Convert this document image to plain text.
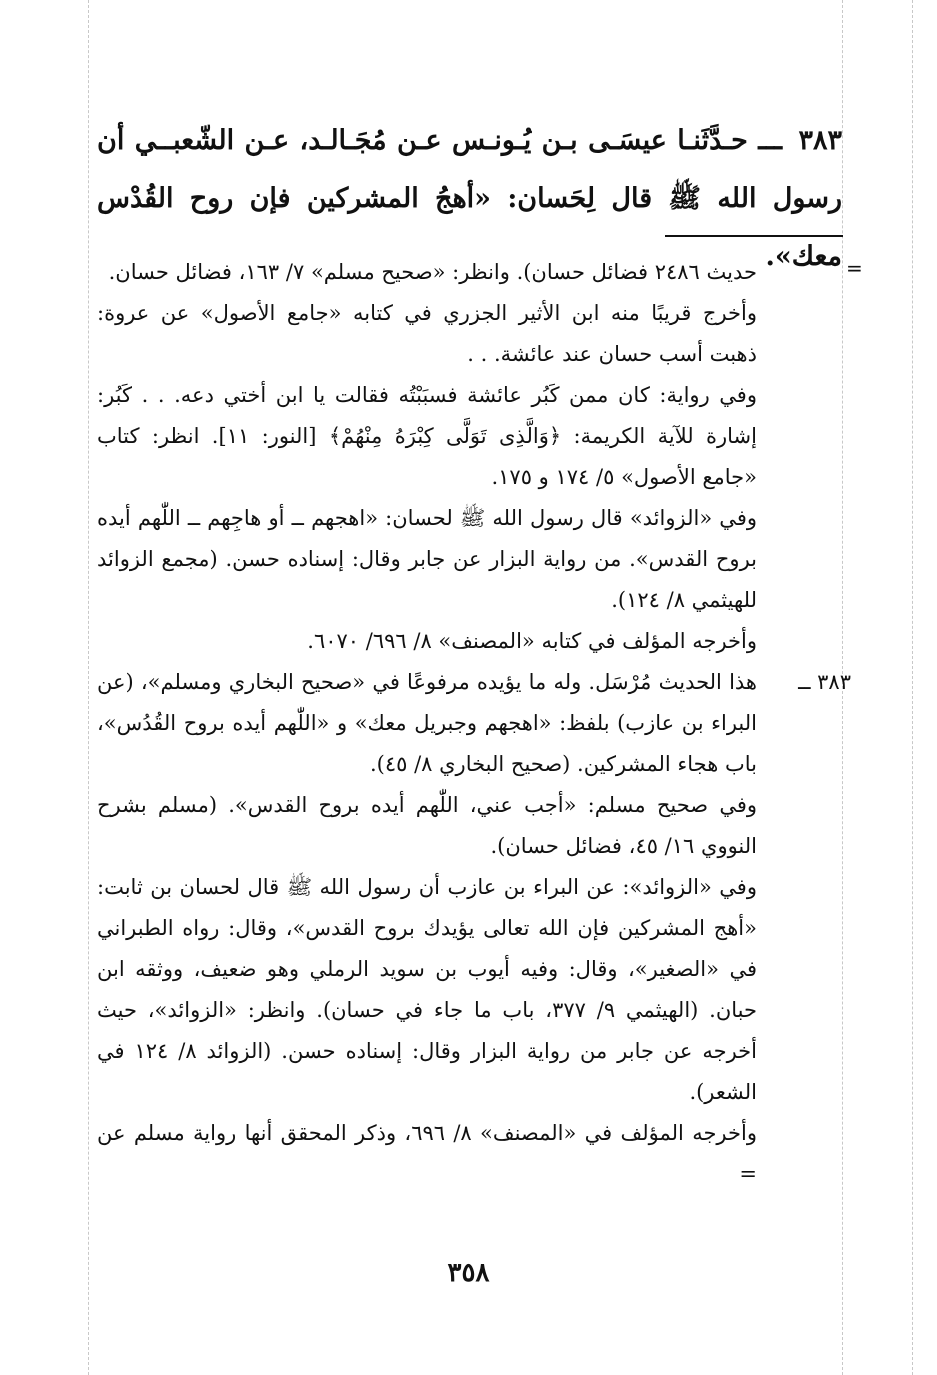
٣٨٣ ـــ حـدَّثَنـا عيسَـى بـن يُـونـس عـن مُجَـالـد، عـن الشّعبــي أن رسول الله ﷺ قال لِحَسان: «أهجُ المشركين فإن روح القُدْس معك». =

حديث ٢٤٨٦ فضائل حسان). وانظر: «صحيح مسلم» ٧/ ١٦٣، فضائل حسان.

وأخرج قريبًا منه ابن الأثير الجزري في كتابه «جامع الأصول» عن عروة: ذهبت أسب حسان عند عائشة. . .

وفي رواية: كان ممن كَبُر عائشة فسبَبْتُه فقالت يا ابن أختي دعه. . . كَبُر: إشارة للآية الكريمة: ﴿وَالَّذِى تَوَلَّى كِبْرَهُ مِنْهُمْ﴾ [النور: ١١]. انظر: كتاب «جامع الأصول» ٥/ ١٧٤ و ١٧٥.

وفي «الزوائد» قال رسول الله ﷺ لحسان: «اهجهم ــ أو هاجِهم ــ اللّٰهم أيده بروح القدس». من رواية البزار عن جابر وقال: إسناده حسن. (مجمع الزوائد للهيثمي ٨/ ١٢٤).

وأخرجه المؤلف في كتابه «المصنف» ٨/ ٦٩٦/ ٦٠٧٠.

٣٨٣ ــ
هذا الحديث مُرْسَل. وله ما يؤيده مرفوعًا في «صحيح البخاري ومسلم»، (عن البراء بن عازب) بلفظ: «اهجهم وجبريل معك» و «اللّٰهم أيده بروح القُدُس»، باب هجاء المشركين. (صحيح البخاري ٨/ ٤٥).

وفي صحيح مسلم: «أجب عني، اللّٰهم أيده بروح القدس». (مسلم بشرح النووي ١٦/ ٤٥، فضائل حسان).

وفي «الزوائد»: عن البراء بن عازب أن رسول الله ﷺ قال لحسان بن ثابت: «أهج المشركين فإن الله تعالى يؤيدك بروح القدس»، وقال: رواه الطبراني في «الصغير»، وقال: وفيه أيوب بن سويد الرملي وهو ضعيف، ووثقه ابن حبان. (الهيثمي ٩/ ٣٧٧، باب ما جاء في حسان). وانظر: «الزوائد»، حيث أخرجه عن جابر من رواية البزار وقال: إسناده حسن. (الزوائد ٨/ ١٢٤ في الشعر).

وأخرجه المؤلف في «المصنف» ٨/ ٦٩٦، وذكر المحقق أنها رواية مسلم عن =

٣٥٨
